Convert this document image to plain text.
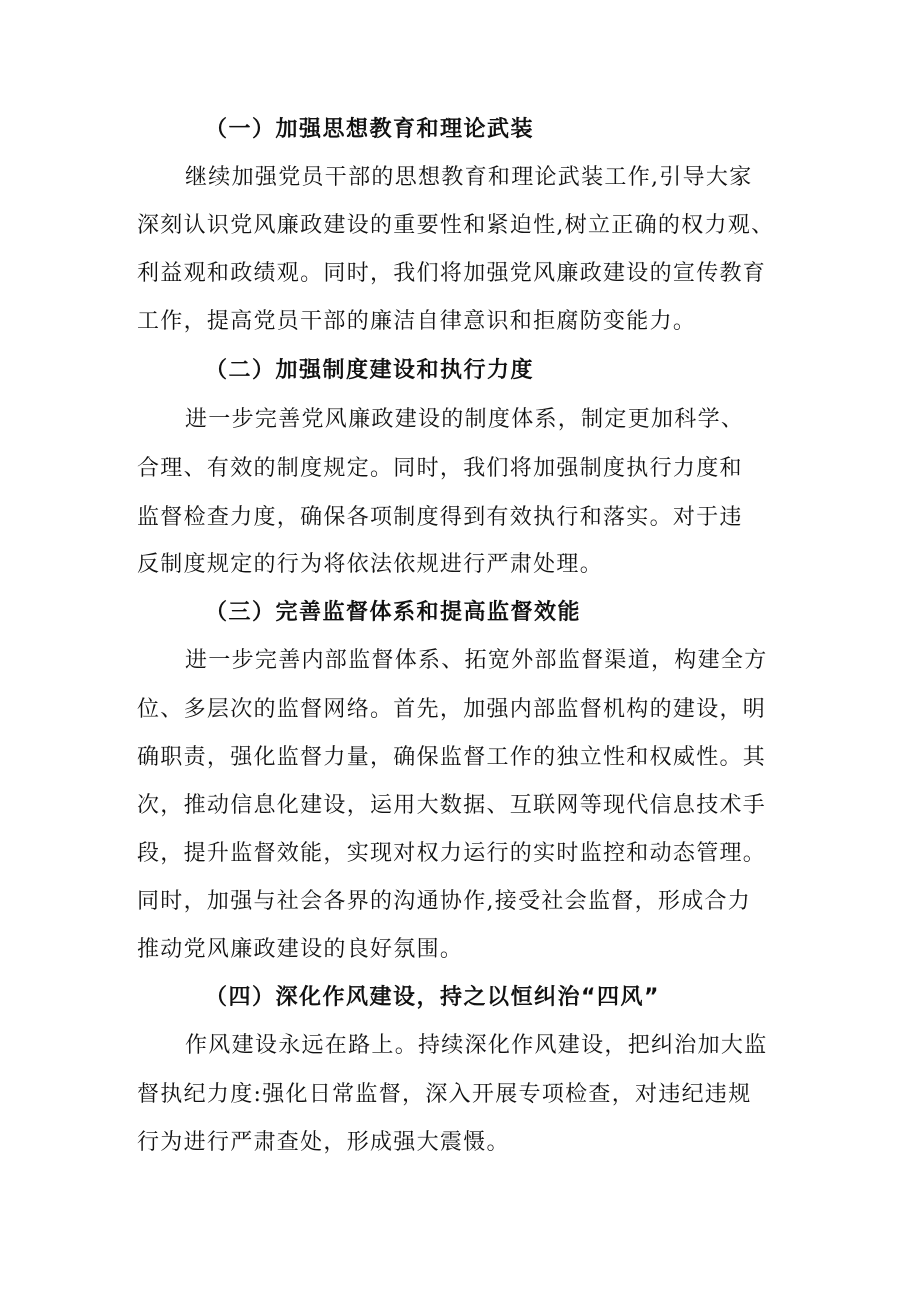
（一）加强思想教育和理论武装

继续加强党员干部的思想教育和理论武装工作,引导大家

深刻认识党风廉政建设的重要性和紧迫性,树立正确的权力观、

利益观和政绩观。同时，我们将加强党风廉政建设的宣传教育

工作，提高党员干部的廉洁自律意识和拒腐防变能力。

（二）加强制度建设和执行力度

进一步完善党风廉政建设的制度体系，制定更加科学、

合理、有效的制度规定。同时，我们将加强制度执行力度和

监督检查力度，确保各项制度得到有效执行和落实。对于违

反制度规定的行为将依法依规进行严肃处理。

（三）完善监督体系和提高监督效能

进一步完善内部监督体系、拓宽外部监督渠道，构建全方

位、多层次的监督网络。首先，加强内部监督机构的建设，明

确职责，强化监督力量，确保监督工作的独立性和权威性。其

次，推动信息化建设，运用大数据、互联网等现代信息技术手

段，提升监督效能，实现对权力运行的实时监控和动态管理。

同时，加强与社会各界的沟通协作,接受社会监督，形成合力

推动党风廉政建设的良好氛围。

（四）深化作风建设，持之以恒纠治“四风”

作风建设永远在路上。持续深化作风建设，把纠治加大监

督执纪力度:强化日常监督，深入开展专项检查，对违纪违规

行为进行严肃查处，形成强大震慑。
